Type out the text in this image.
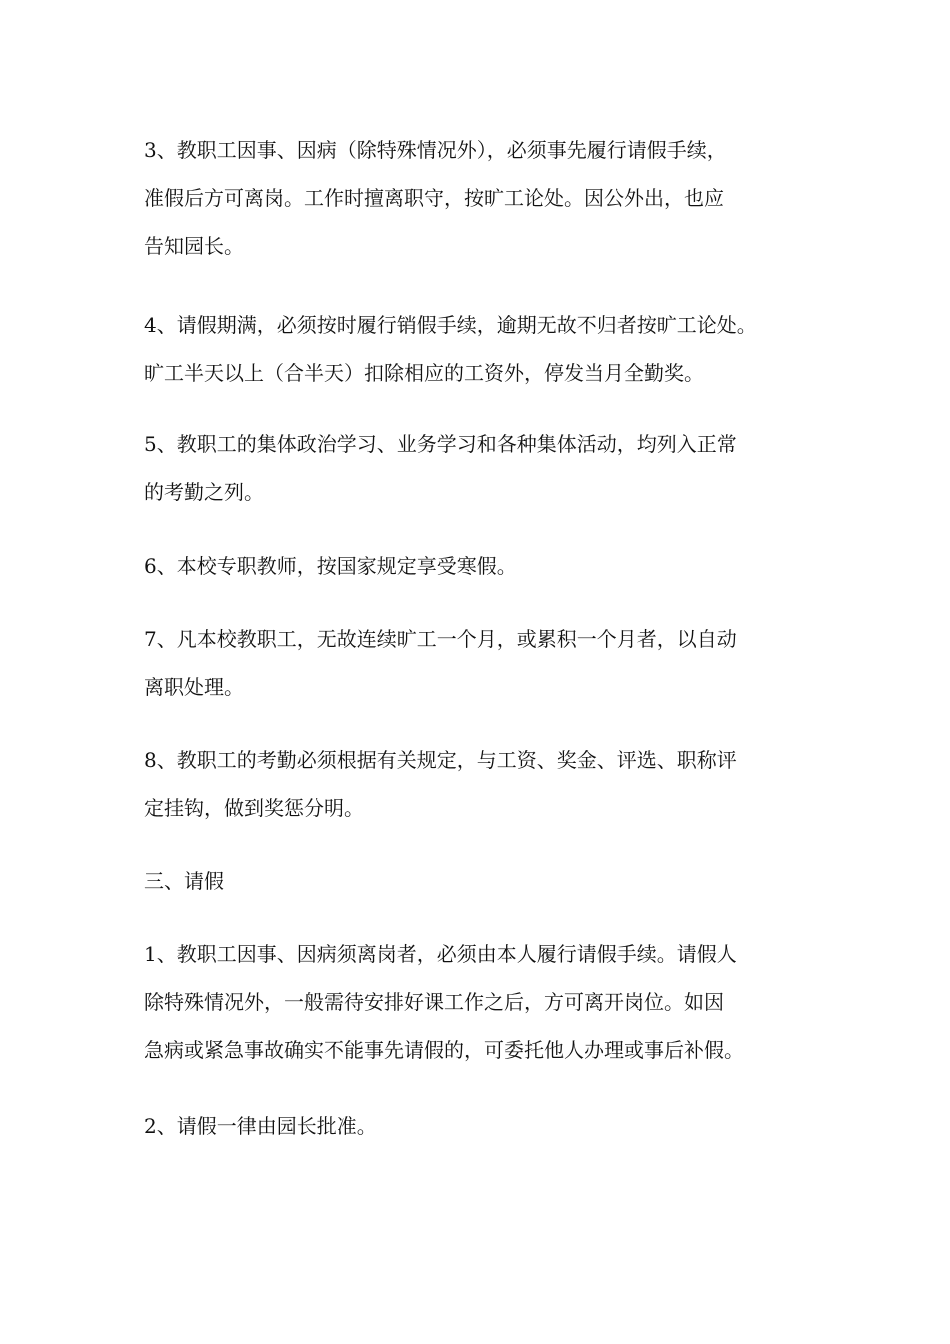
3、教职工因事、因病（除特殊情况外），必须事先履行请假手续，
准假后方可离岗。工作时擅离职守，按旷工论处。因公外出，也应
告知园长。

4、请假期满，必须按时履行销假手续，逾期无故不归者按旷工论处。
旷工半天以上（合半天）扣除相应的工资外，停发当月全勤奖。

5、教职工的集体政治学习、业务学习和各种集体活动，均列入正常
的考勤之列。

6、本校专职教师，按国家规定享受寒假。

7、凡本校教职工，无故连续旷工一个月，或累积一个月者，以自动
离职处理。

8、教职工的考勤必须根据有关规定，与工资、奖金、评选、职称评
定挂钩，做到奖惩分明。

三、请假

1、教职工因事、因病须离岗者，必须由本人履行请假手续。请假人
除特殊情况外，一般需待安排好课工作之后，方可离开岗位。如因
急病或紧急事故确实不能事先请假的，可委托他人办理或事后补假。

2、请假一律由园长批准。
